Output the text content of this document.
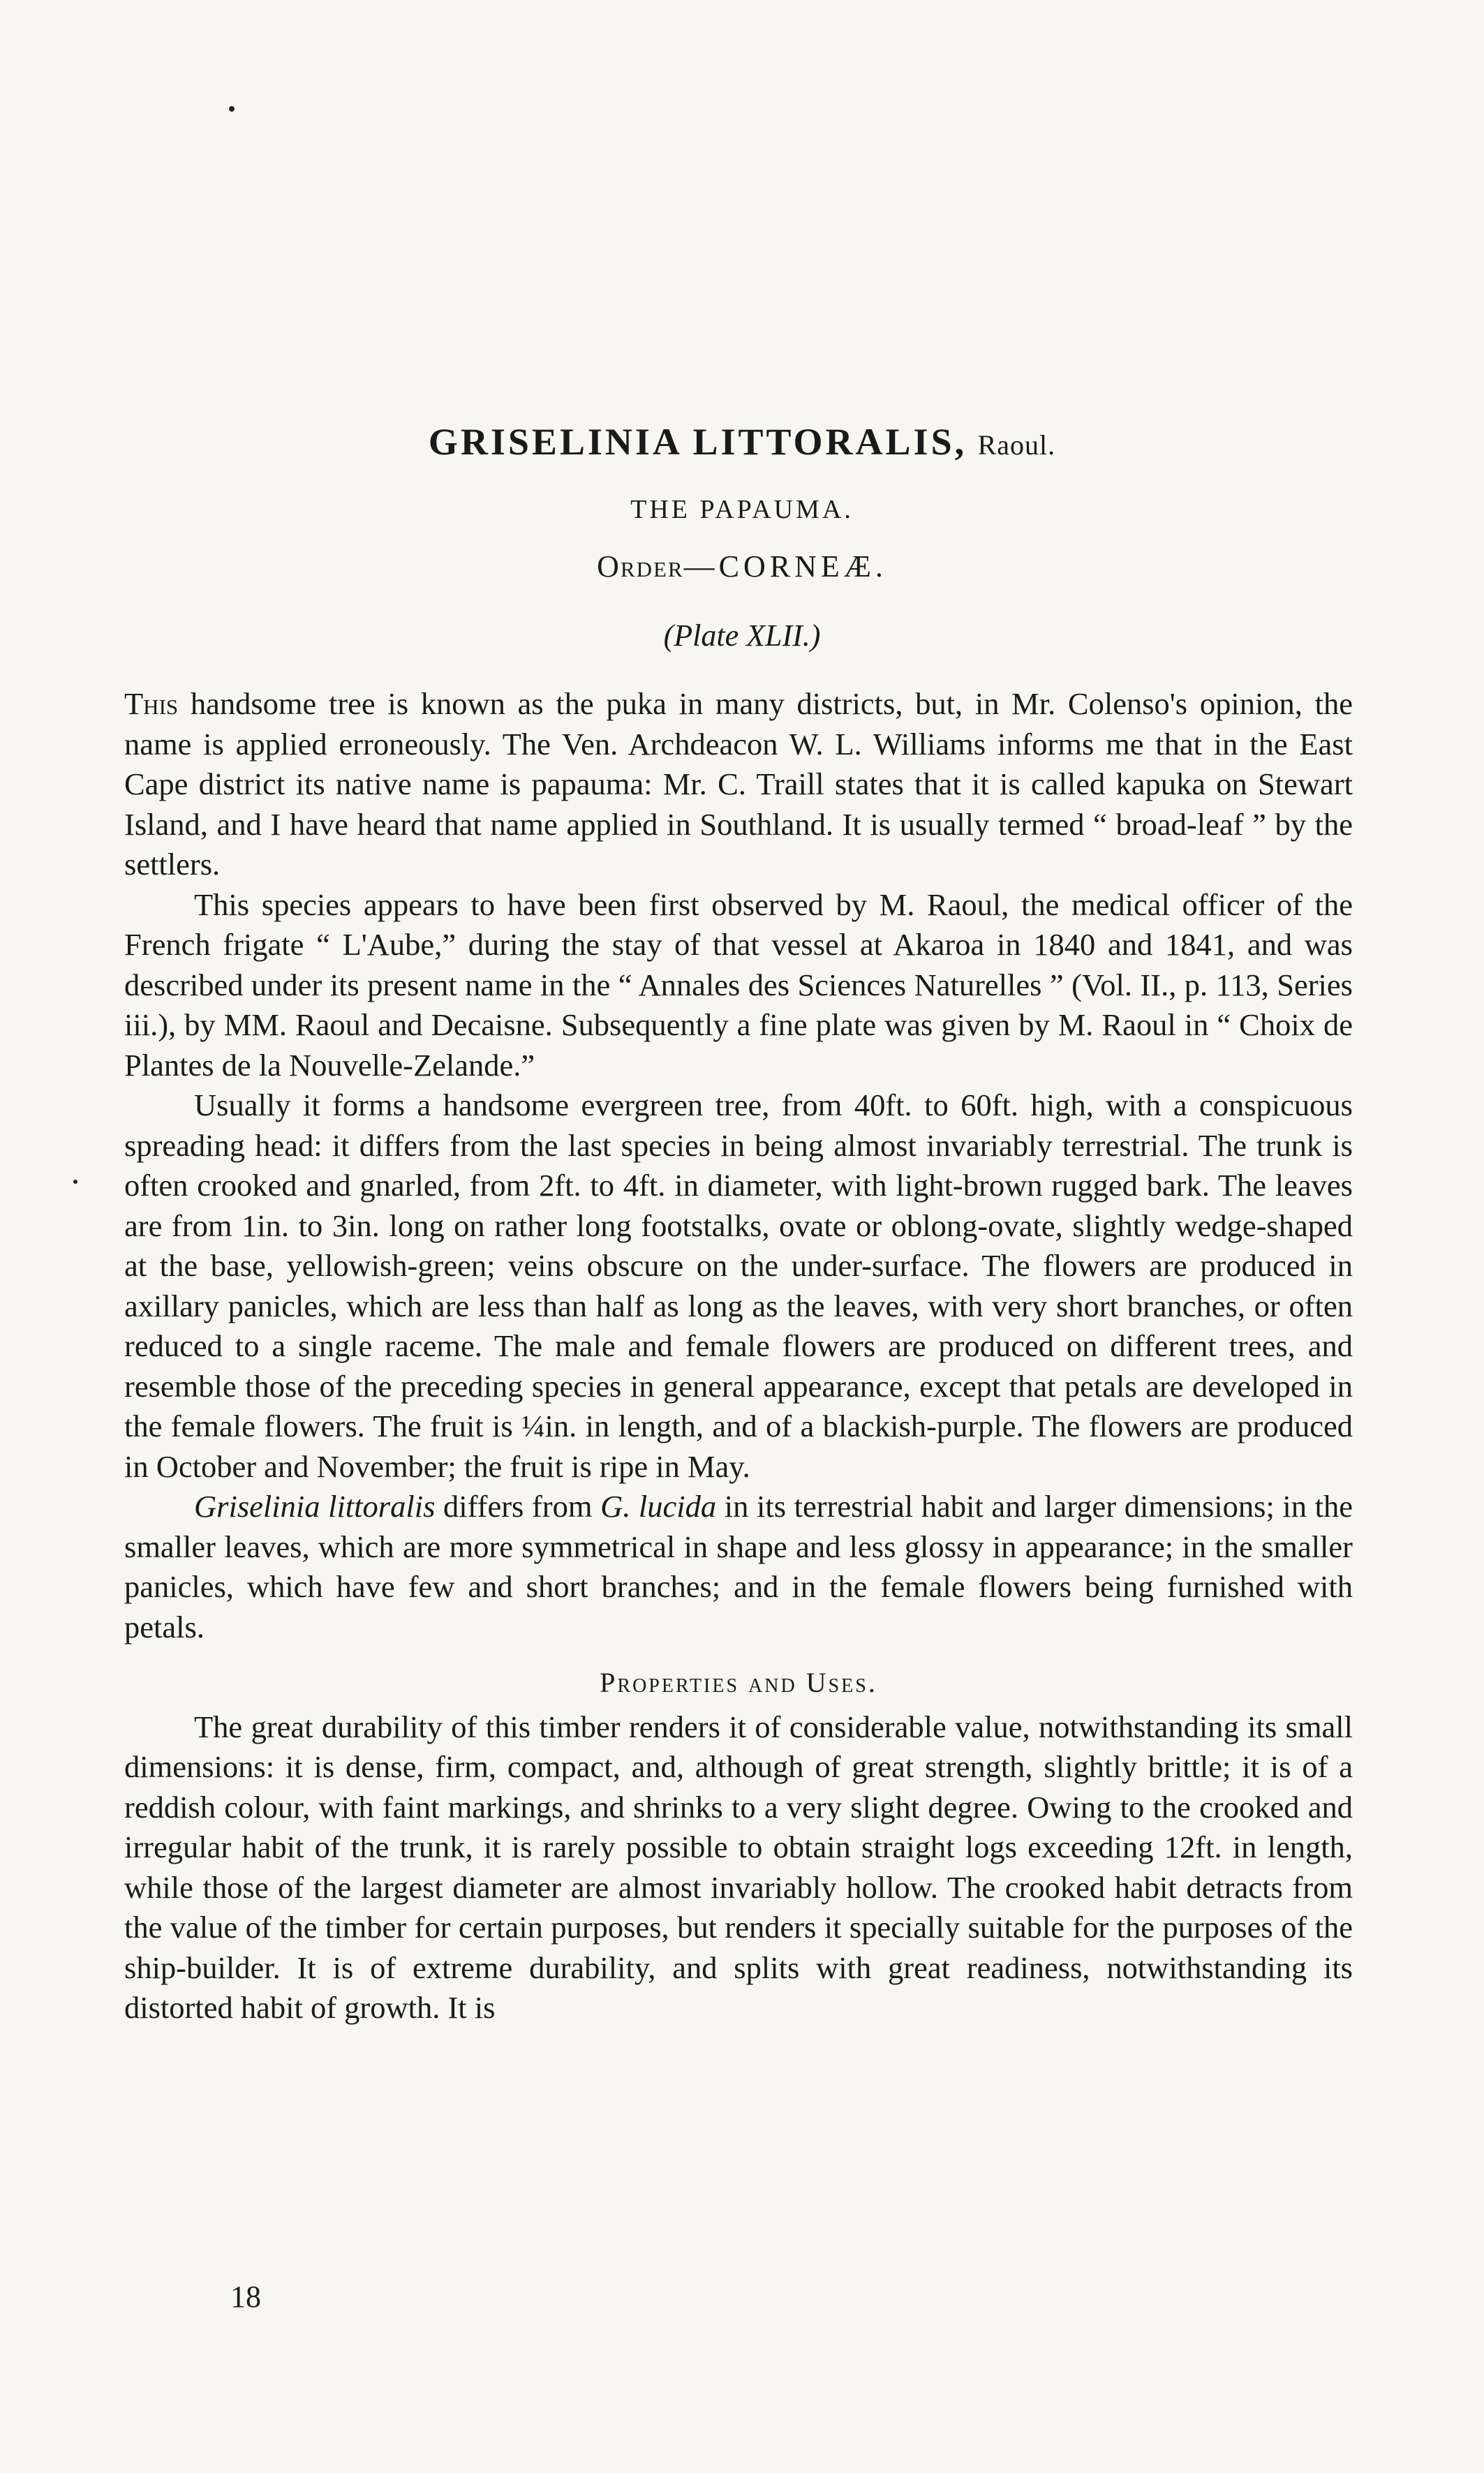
GRISELINIA LITTORALIS, Raoul.
THE PAPAUMA.
Order—CORNEÆ.
(Plate XLII.)

This handsome tree is known as the puka in many districts, but, in Mr. Colenso's opinion, the name is applied erroneously. The Ven. Archdeacon W. L. Williams informs me that in the East Cape district its native name is papauma: Mr. C. Traill states that it is called kapuka on Stewart Island, and I have heard that name applied in Southland. It is usually termed “ broad-leaf ” by the settlers.

This species appears to have been first observed by M. Raoul, the medical officer of the French frigate “ L'Aube,” during the stay of that vessel at Akaroa in 1840 and 1841, and was described under its present name in the “ Annales des Sciences Naturelles ” (Vol. II., p. 113, Series iii.), by MM. Raoul and Decaisne. Subsequently a fine plate was given by M. Raoul in “ Choix de Plantes de la Nouvelle-Zelande.”

Usually it forms a handsome evergreen tree, from 40ft. to 60ft. high, with a conspicuous spreading head: it differs from the last species in being almost invariably terrestrial. The trunk is often crooked and gnarled, from 2ft. to 4ft. in diameter, with light-brown rugged bark. The leaves are from 1in. to 3in. long on rather long footstalks, ovate or oblong-ovate, slightly wedge-shaped at the base, yellowish-green; veins obscure on the under-surface. The flowers are produced in axillary panicles, which are less than half as long as the leaves, with very short branches, or often reduced to a single raceme. The male and female flowers are produced on different trees, and resemble those of the preceding species in general appearance, except that petals are developed in the female flowers. The fruit is ¼in. in length, and of a blackish-purple. The flowers are produced in October and November; the fruit is ripe in May.

Griselinia littoralis differs from G. lucida in its terrestrial habit and larger dimensions; in the smaller leaves, which are more symmetrical in shape and less glossy in appearance; in the smaller panicles, which have few and short branches; and in the female flowers being furnished with petals.

Properties and Uses.

The great durability of this timber renders it of considerable value, notwithstanding its small dimensions: it is dense, firm, compact, and, although of great strength, slightly brittle; it is of a reddish colour, with faint markings, and shrinks to a very slight degree. Owing to the crooked and irregular habit of the trunk, it is rarely possible to obtain straight logs exceeding 12ft. in length, while those of the largest diameter are almost invariably hollow. The crooked habit detracts from the value of the timber for certain purposes, but renders it specially suitable for the purposes of the ship-builder. It is of extreme durability, and splits with great readiness, notwithstanding its distorted habit of growth. It is

18
